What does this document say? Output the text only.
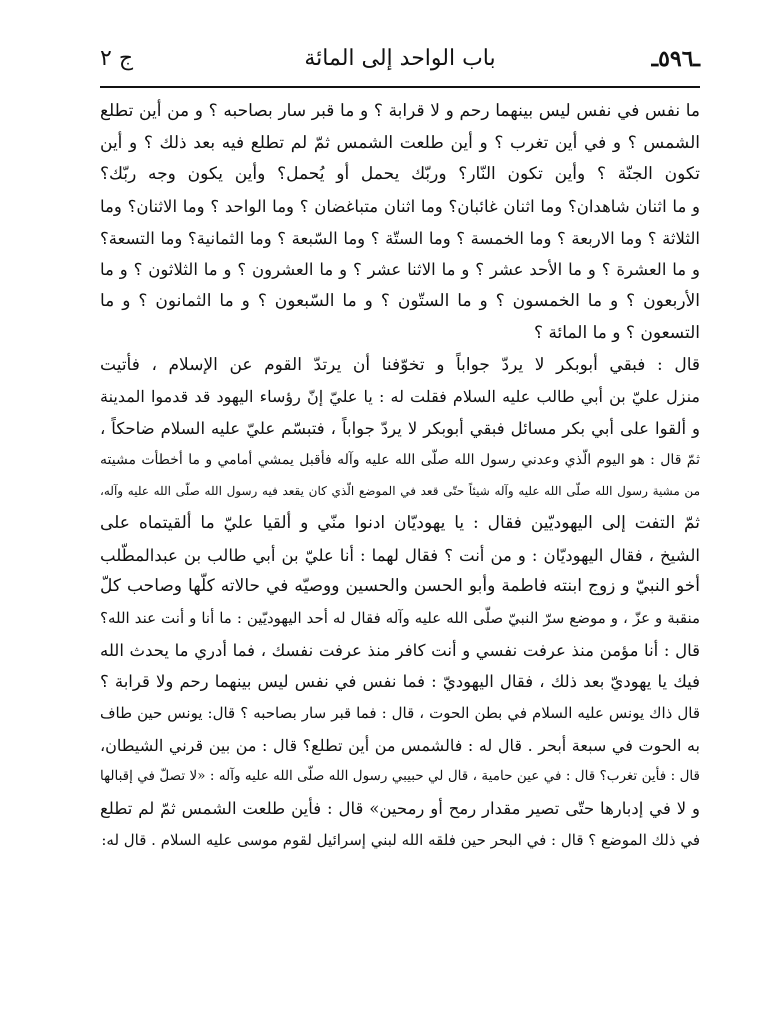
ـ٥٩٦ـ
باب الواحد إلى المائة
ج ٢
ما نفس في نفس ليس بينهما رحم و لا قرابة ؟ و ما قبر سار بصاحبه ؟ و من أين تطلع
الشمس ؟ و في أين تغرب ؟ و أين طلعت الشمس ثمّ لم تطلع فيه بعد ذلك ؟ و أين
تكون الجنّة ؟ وأين تكون النّار؟ وربّك يحمل أو يُحمل؟ وأين يكون وجه ربّك؟
و ما اثنان شاهدان؟ وما اثنان غائبان؟ وما اثنان متباغضان ؟ وما الواحد ؟ وما الاثنان؟ وما
الثلاثة ؟ وما الاربعة ؟ وما الخمسة ؟ وما الستّة ؟ وما السّبعة ؟ وما الثمانية؟ وما التسعة؟
و ما العشرة ؟ و ما الأحد عشر ؟ و ما الاثنا عشر ؟ و ما العشرون ؟ و ما الثلاثون ؟ و ما
الأربعون ؟ و ما الخمسون ؟ و ما الستّون ؟ و ما السّبعون ؟ و ما الثمانون ؟ و ما
التسعون ؟ و ما المائة ؟
قال : فبقي أبوبكر لا يردّ جواباً و تخوّفنا أن يرتدّ القوم عن الإسلام ، فأتيت
منزل عليّ بن أبي طالب عليه السلام فقلت له : يا عليّ إنّ رؤساء اليهود قد قدموا المدينة
و ألقوا على أبي بكر مسائل فبقي أبوبكر لا يردّ جواباً ، فتبسّم عليّ عليه السلام ضاحكاً ،
ثمّ قال : هو اليوم الّذي وعدني رسول الله صلّى الله عليه وآله فأقبل يمشي أمامي و ما أخطأت مشيته
من مشية رسول الله صلّى الله عليه وآله شيئاً حتّى قعد في الموضع الّذي كان يقعد فيه رسول الله صلّى الله عليه وآله،
ثمّ التفت إلى اليهوديّين فقال : يا يهوديّان ادنوا منّي و ألقيا عليّ ما ألقيتماه على
الشيخ ، فقال اليهوديّان : و من أنت ؟ فقال لهما : أنا عليّ بن أبي طالب بن عبدالمطّلب
أخو النبيّ و زوج ابنته فاطمة وأبو الحسن والحسين ووصيّه في حالاته كلّها وصاحب كلّ
منقبة و عزّ ، و موضع سرّ النبيّ صلّى الله عليه وآله فقال له أحد اليهوديّين : ما أنا و أنت عند الله؟
قال : أنا مؤمن منذ عرفت نفسي و أنت كافر منذ عرفت نفسك ، فما أدري ما يحدث الله
فيك يا يهوديّ بعد ذلك ، فقال اليهوديّ : فما نفس في نفس ليس بينهما رحم ولا قرابة ؟
قال ذاك يونس عليه السلام في بطن الحوت ، قال : فما قبر سار بصاحبه ؟ قال: يونس حين طاف
به الحوت في سبعة أبحر . قال له : فالشمس من أين تطلع؟ قال : من بين قرني الشيطان،
قال : فأين تغرب؟ قال : في عين حامية ، قال لي حبيبي رسول الله صلّى الله عليه وآله : «لا تصلّ في إقبالها
و لا في إدبارها حتّى تصير مقدار رمح أو رمحين» قال : فأين طلعت الشمس ثمّ لم تطلع
في ذلك الموضع ؟ قال : في البحر حين فلقه الله لبني إسرائيل لقوم موسى عليه السلام . قال له:
